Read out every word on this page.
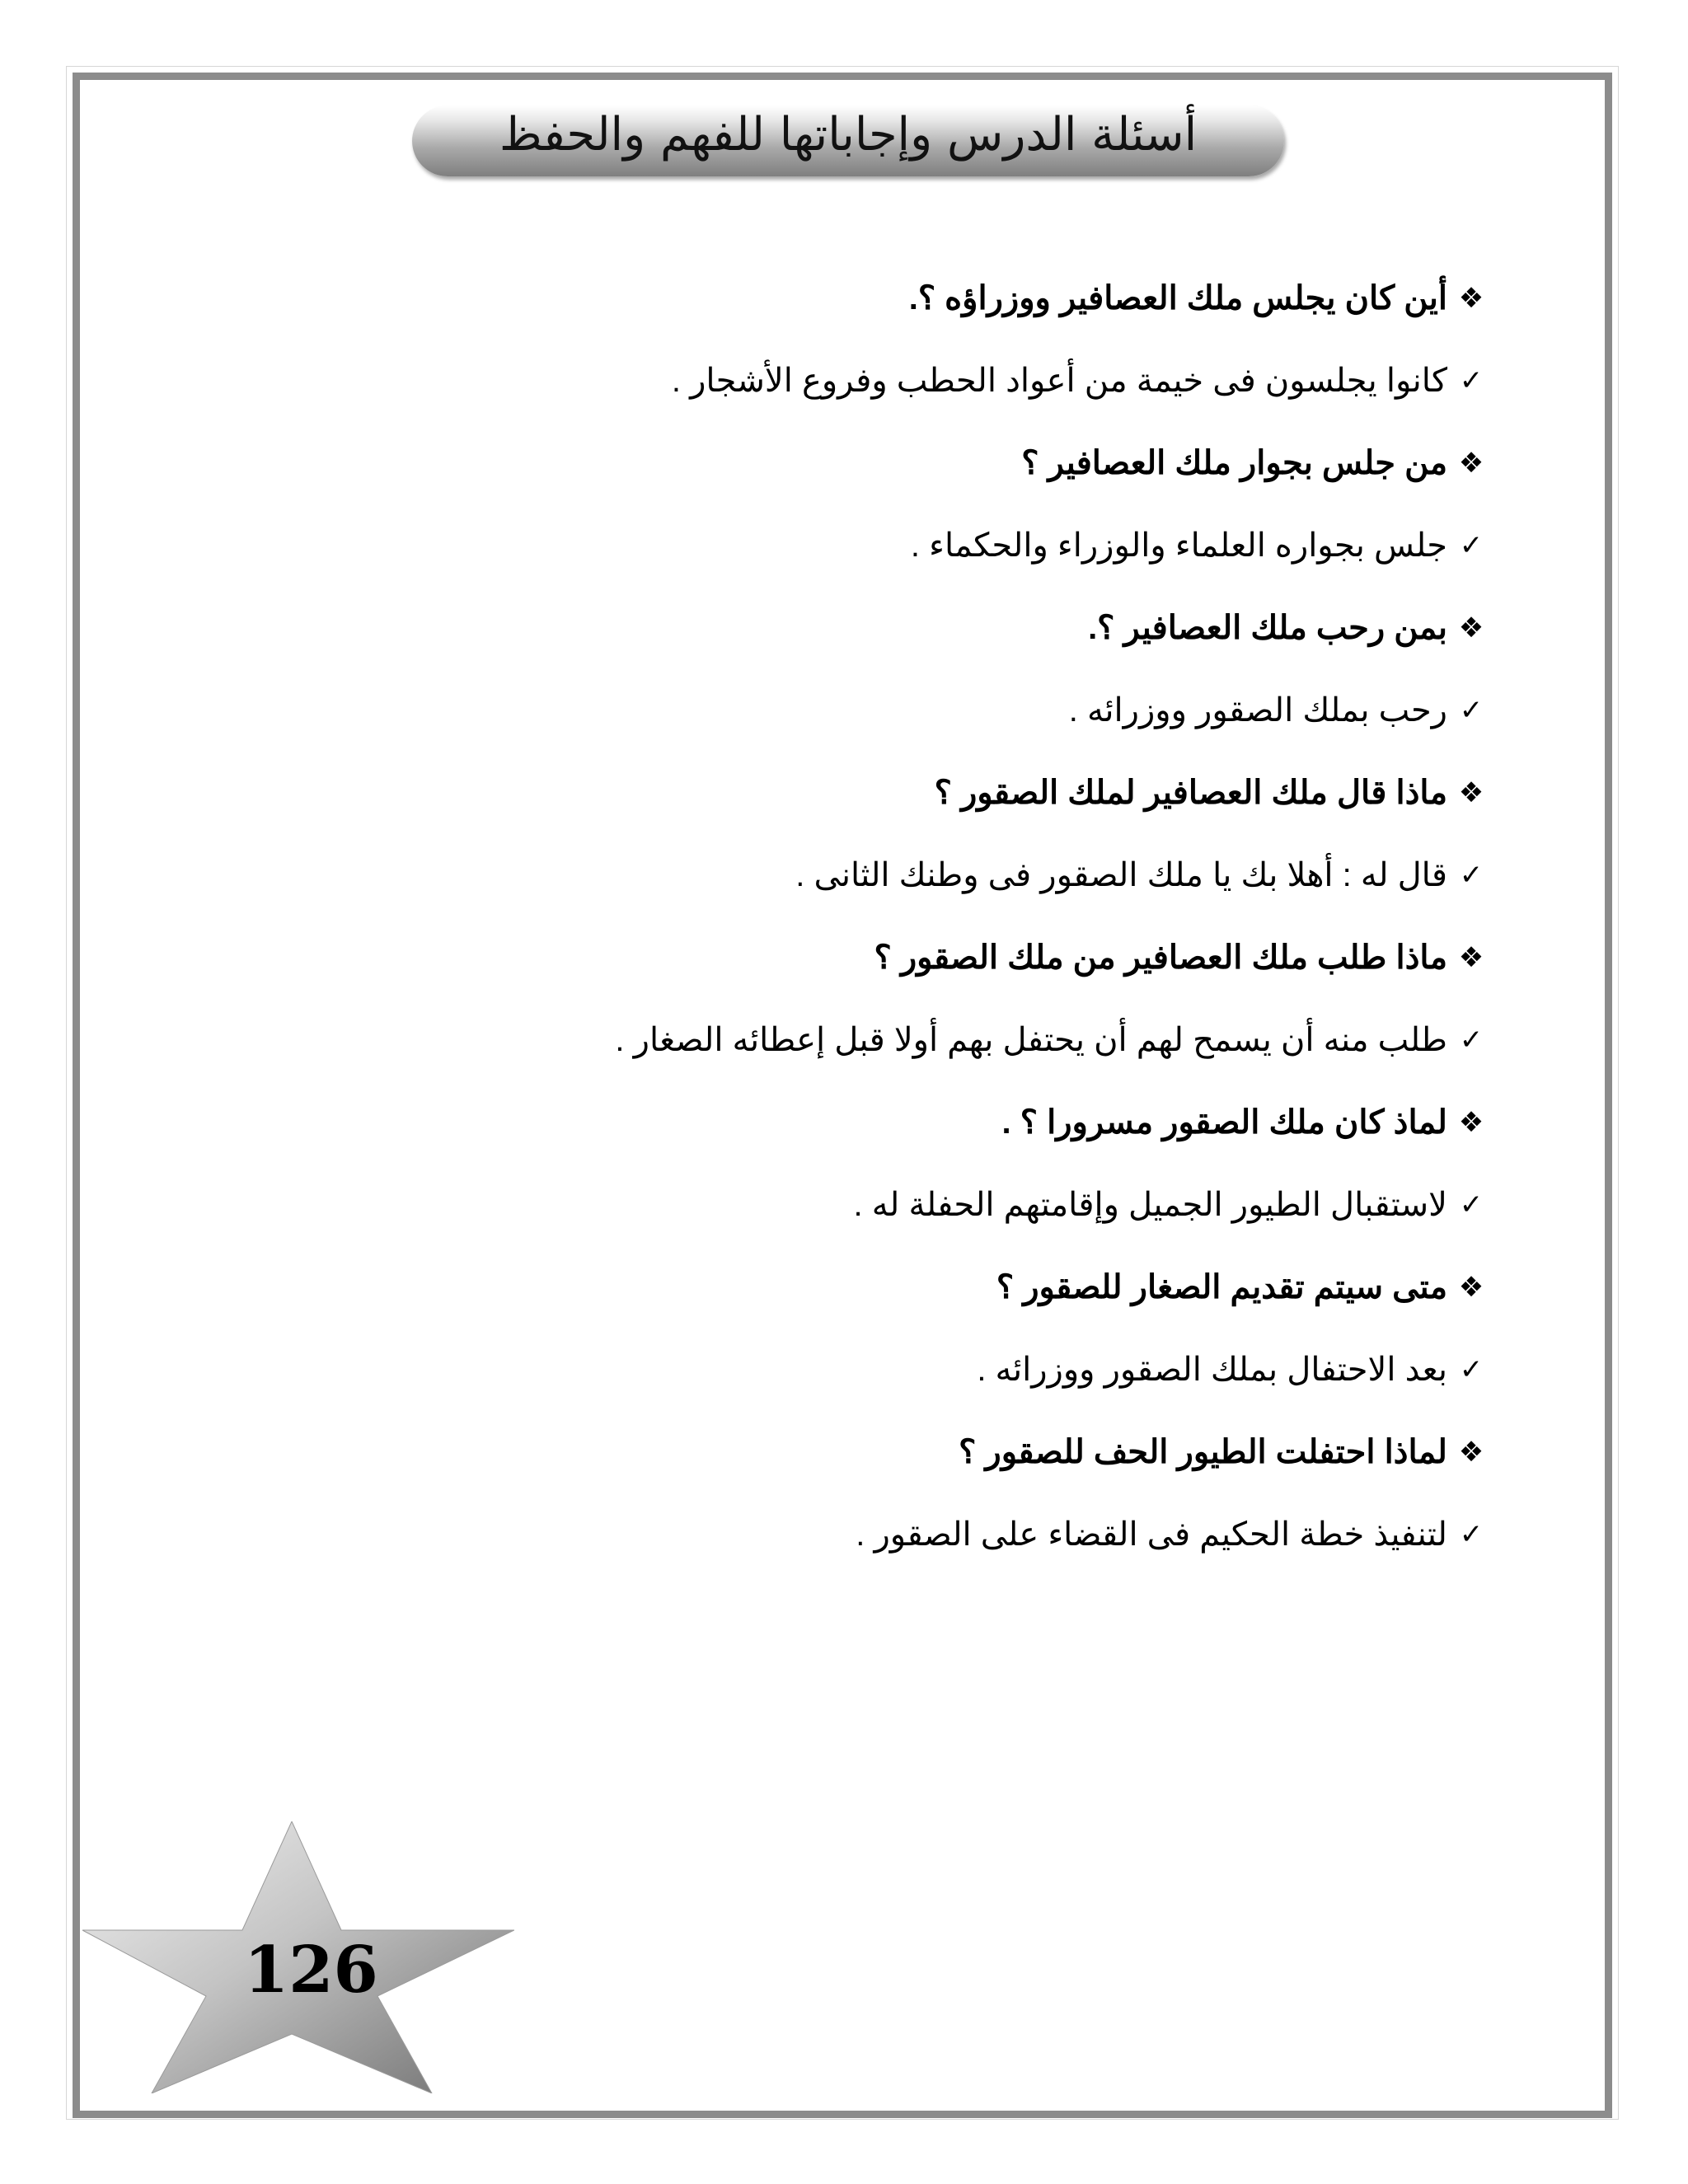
أسئلة الدرس وإجاباتها للفهم والحفظ
❖
أين كان يجلس ملك العصافير ووزراؤه ؟.
✓
كانوا يجلسون فى خيمة من أعواد الحطب وفروع الأشجار .
❖
من جلس بجوار ملك العصافير ؟
✓
جلس بجواره العلماء والوزراء والحكماء .
❖
بمن رحب ملك العصافير ؟.
✓
رحب بملك الصقور ووزرائه .
❖
ماذا قال ملك العصافير لملك الصقور ؟
✓
قال له : أهلا بك يا ملك الصقور فى وطنك الثانى .
❖
ماذا طلب ملك العصافير من ملك الصقور ؟
✓
طلب منه أن يسمح لهم أن يحتفل بهم أولا قبل إعطائه الصغار .
❖
لماذ كان ملك الصقور مسرورا ؟ .
✓
لاستقبال الطيور الجميل وإقامتهم الحفلة له .
❖
متى سيتم تقديم الصغار للصقور ؟
✓
بعد الاحتفال بملك الصقور ووزرائه .
❖
لماذا احتفلت الطيور الحف للصقور ؟
✓
لتنفيذ خطة الحكيم فى القضاء على الصقور .
126
